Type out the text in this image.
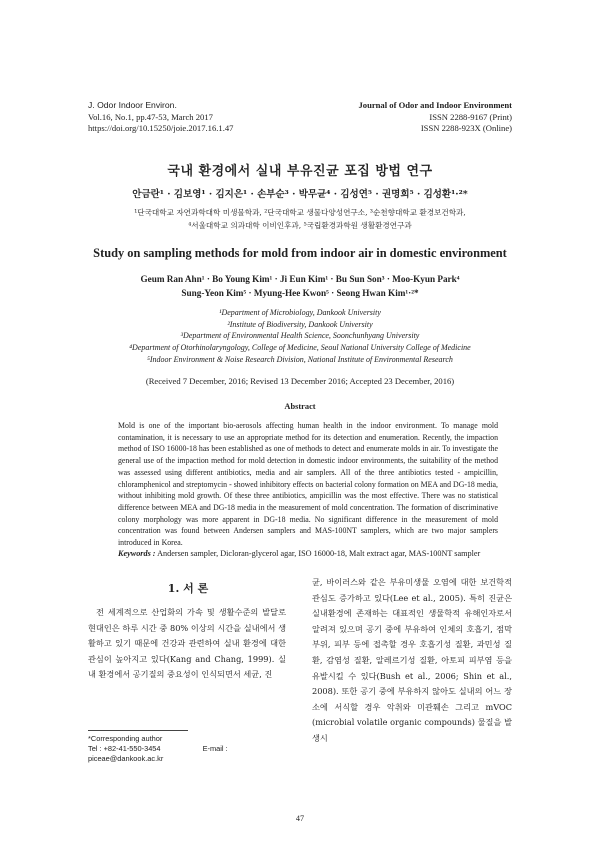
J. Odor Indoor Environ.
Vol.16, No.1, pp.47-53, March 2017
https://doi.org/10.15250/joie.2017.16.1.47
Journal of Odor and Indoor Environment
ISSN 2288-9167 (Print)
ISSN 2288-923X (Online)
국내 환경에서 실내 부유진균 포집 방법 연구
안금란¹ · 김보영¹ · 김지은¹ · 손부순³ · 박무균⁴ · 김성연⁵ · 권명희⁵ · 김성환¹·²*
¹단국대학교 자연과학대학 미생물학과, ²단국대학교 생물다양성연구소, ³순천향대학교 환경보건학과,
⁴서울대학교 의과대학 이비인후과, ⁵국립환경과학원 생활환경연구과
Study on sampling methods for mold from indoor air in domestic environment
Geum Ran Ahn¹ · Bo Young Kim¹ · Ji Eun Kim¹ · Bu Sun Son³ · Moo-Kyun Park⁴
Sung-Yeon Kim⁵ · Myung-Hee Kwon⁵ · Seong Hwan Kim¹·²*
¹Department of Microbiology, Dankook University
²Institute of Biodiversity, Dankook University
³Department of Environmental Health Science, Soonchunhyang University
⁴Department of Otorhinolaryngology, College of Medicine, Seoul National University College of Medicine
⁵Indoor Environment & Noise Research Division, National Institute of Environmental Research
(Received 7 December, 2016; Revised 13 December 2016; Accepted 23 December, 2016)
Abstract
Mold is one of the important bio-aerosols affecting human health in the indoor environment. To manage mold contamination, it is necessary to use an appropriate method for its detection and enumeration. Recently, the impaction method of ISO 16000-18 has been established as one of methods to detect and enumerate molds in air. To investigate the general use of the impaction method for mold detection in domestic indoor environments, the suitability of the method was assessed using different antibiotics, media and air samplers. All of the three antibiotics tested - ampicillin, chloramphenicol and streptomycin - showed inhibitory effects on bacterial colony formation on MEA and DG-18 media, without inhibiting mold growth. Of these three antibiotics, ampicillin was the most effective. There was no statistical difference between MEA and DG-18 media in the measurement of mold concentration. The formation of discriminative colony morphology was more apparent in DG-18 media. No significant difference in the measurement of mold concentration was found between Andersen samplers and MAS-100NT samplers, which are two major samplers introduced in Korea.
Keywords : Andersen sampler, Dicloran-glycerol agar, ISO 16000-18, Malt extract agar, MAS-100NT sampler
1. 서 론
전 세계적으로 산업화의 가속 및 생활수준의 발달로 현대인은 하루 시간 중 80% 이상의 시간을 실내에서 생활하고 있기 때문에 건강과 관련하여 실내 환경에 대한 관심이 높아지고 있다(Kang and Chang, 1999). 실내 환경에서 공기질의 중요성이 인식되면서 세균, 진
균, 바이러스와 같은 부유미생물 오염에 대한 보건학적 관심도 증가하고 있다(Lee et al., 2005). 특히 진균은 실내환경에 존재하는 대표적인 생물학적 유해인자로서 알려져 있으며 공기 중에 부유하여 인체의 호흡기, 점막부위, 피부 등에 접촉할 경우 호흡기성 질환, 과민성 질환, 감염성 질환, 알레르기성 질환, 아토피 피부염 등을 유발시킬 수 있다(Bush et al., 2006; Shin et al., 2008). 또한 공기 중에 부유하지 않아도 실내의 어느 장소에 서식할 경우 악취와 미관훼손 그리고 mVOC (microbial volatile organic compounds) 물질을 발생시
*Corresponding author
Tel : +82-41-550-3454	E-mail : piceae@dankook.ac.kr
47
